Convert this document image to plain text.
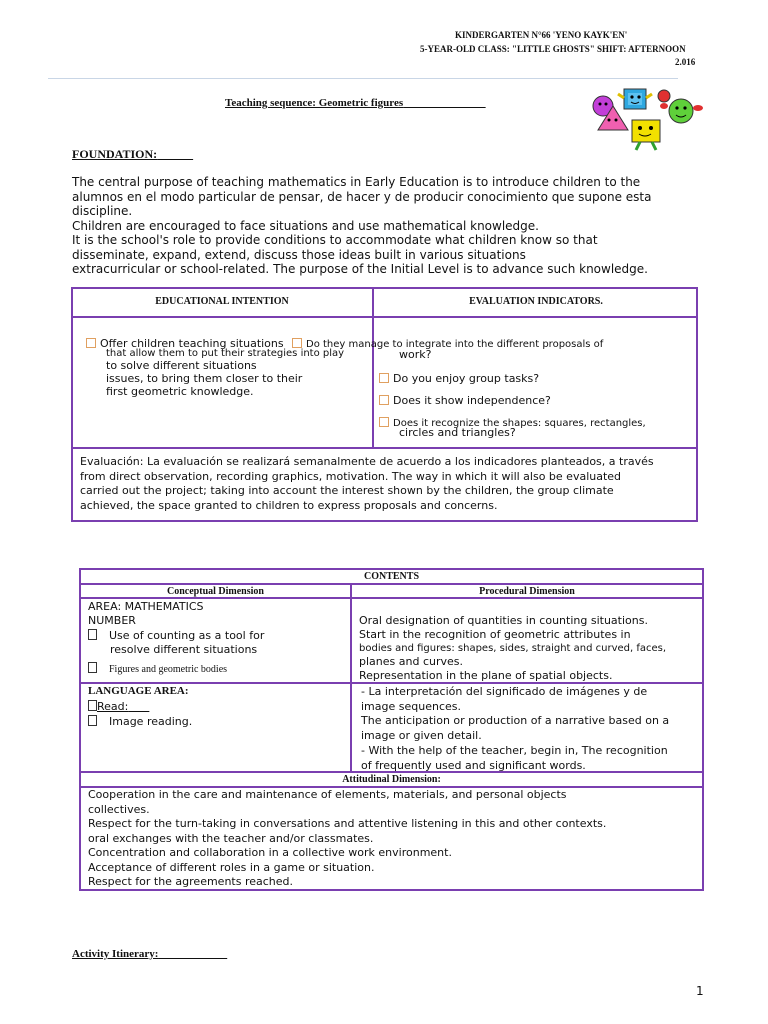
KINDERGARTEN N°66 'YENO KAYK'EN'
5-YEAR-OLD CLASS: "LITTLE GHOSTS" SHIFT: AFTERNOON
2.016
Teaching sequence: Geometric figures
FOUNDATION:
The central purpose of teaching mathematics in Early Education is to introduce children to the
alumnos en el modo particular de pensar, de hacer y de producir conocimiento que supone esta
discipline.
Children are encouraged to face situations and use mathematical knowledge.
It is the school's role to provide conditions to accommodate what children know so that
disseminate, expand, extend, discuss those ideas built in various situations
extracurricular or school-related. The purpose of the Initial Level is to advance such knowledge.
EDUCATIONAL INTENTION	EVALUATION INDICATORS.
Offer children teaching situations
that allow them to put their strategies into play
to solve different situations
issues, to bring them closer to their
first geometric knowledge.
Do they manage to integrate into the different proposals of
work?
Do you enjoy group tasks?
Does it show independence?
Does it recognize the shapes: squares, rectangles,
circles and triangles?
Evaluación: La evaluación se realizará semanalmente de acuerdo a los indicadores planteados, a través
from direct observation, recording graphics, motivation. The way in which it will also be evaluated
carried out the project; taking into account the interest shown by the children, the group climate
achieved, the space granted to children to express proposals and concerns.
CONTENTS
Conceptual Dimension	Procedural Dimension
AREA: MATHEMATICS
NUMBER
Use of counting as a tool for
resolve different situations
Figures and geometric bodies
Oral designation of quantities in counting situations.
Start in the recognition of geometric attributes in
bodies and figures: shapes, sides, straight and curved, faces,
planes and curves.
Representation in the plane of spatial objects.
LANGUAGE AREA:
Read:
Image reading.
- La interpretación del significado de imágenes y de
image sequences.
The anticipation or production of a narrative based on a
image or given detail.
- With the help of the teacher, begin in, The recognition
of frequently used and significant words.
Attitudinal Dimension:
Cooperation in the care and maintenance of elements, materials, and personal objects
collectives.
Respect for the turn-taking in conversations and attentive listening in this and other contexts.
oral exchanges with the teacher and/or classmates.
Concentration and collaboration in a collective work environment.
Acceptance of different roles in a game or situation.
Respect for the agreements reached.
Activity Itinerary:
1
